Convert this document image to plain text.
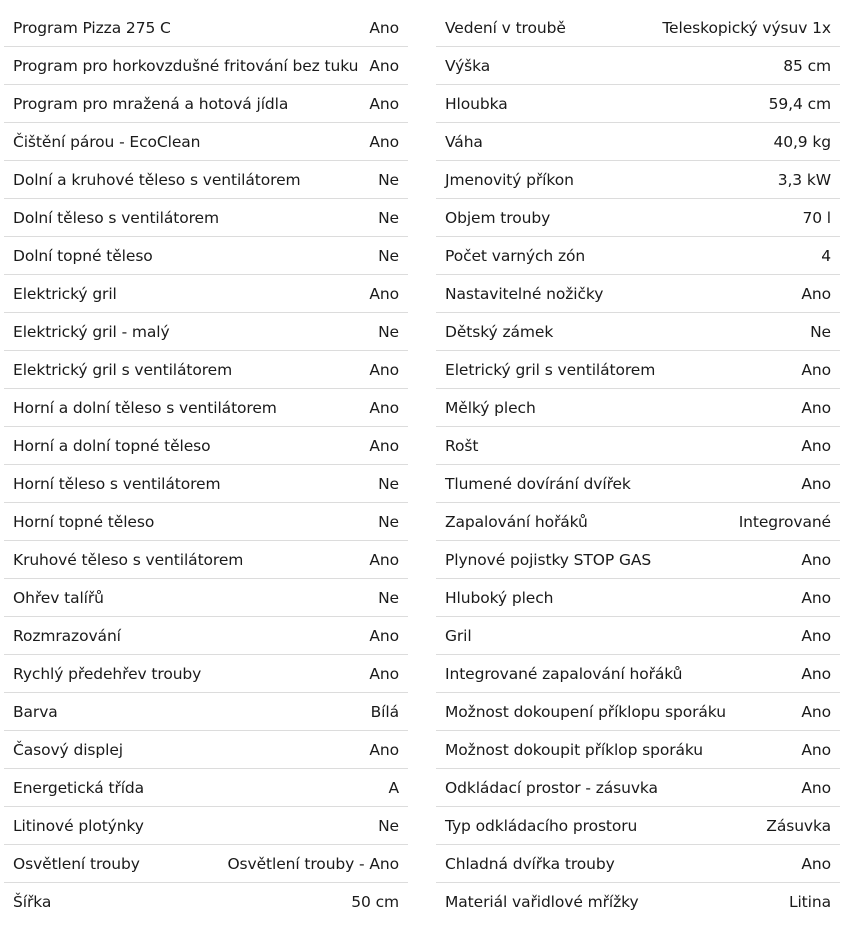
Program Pizza 275 C	Ano
Program pro horkovzdušné fritování bez tuku Ano
Program pro mražená a hotová jídla	Ano
Čištění párou - EcoClean	Ano
Dolní a kruhové těleso s ventilátorem	Ne
Dolní těleso s ventilátorem	Ne
Dolní topné těleso	Ne
Elektrický gril	Ano
Elektrický gril - malý	Ne
Elektrický gril s ventilátorem	Ano
Horní a dolní těleso s ventilátorem	Ano
Horní a dolní topné těleso	Ano
Horní těleso s ventilátorem	Ne
Horní topné těleso	Ne
Kruhové těleso s ventilátorem	Ano
Ohřev talířů	Ne
Rozmrazování	Ano
Rychlý předehřev trouby	Ano
Barva	Bílá
Časový displej	Ano
Energetická třída	A
Litinové plotýnky	Ne
Osvětlení trouby	Osvětlení trouby - Ano
Šířka	50 cm
Vedení v troubě	Teleskopický výsuv 1x
Výška	85 cm
Hloubka	59,4 cm
Váha	40,9 kg
Jmenovitý příkon	3,3 kW
Objem trouby	70 l
Počet varných zón	4
Nastavitelné nožičky	Ano
Dětský zámek	Ne
Eletrický gril s ventilátorem	Ano
Mělký plech	Ano
Rošt	Ano
Tlumené dovírání dvířek	Ano
Zapalování hořáků	Integrované
Plynové pojistky STOP GAS	Ano
Hluboký plech	Ano
Gril	Ano
Integrované zapalování hořáků	Ano
Možnost dokoupení příklopu sporáku	Ano
Možnost dokoupit příklop sporáku	Ano
Odkládací prostor - zásuvka	Ano
Typ odkládacího prostoru	Zásuvka
Chladná dvířka trouby	Ano
Materiál vařidlové mřížky	Litina
